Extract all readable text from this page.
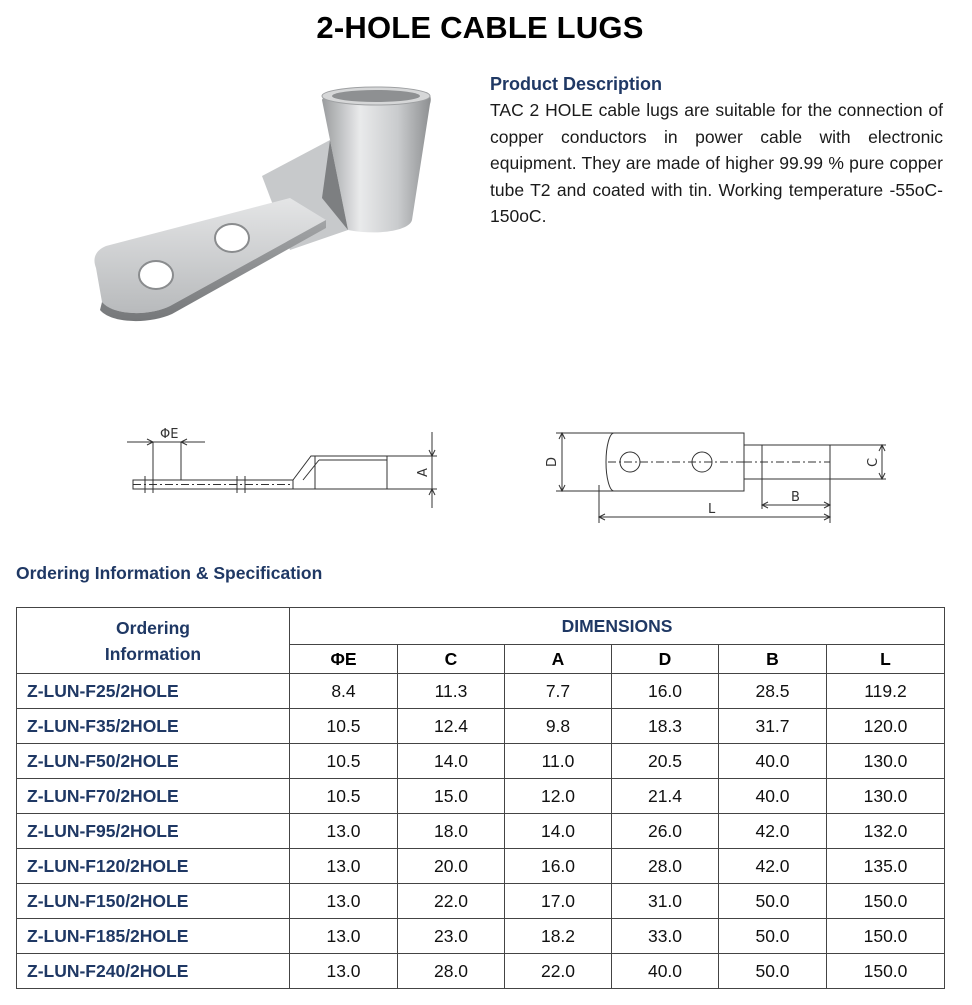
2-HOLE CABLE LUGS
Product Description
TAC 2 HOLE cable lugs are suitable for the connection of copper conductors in power cable with electronic equipment. They are made of higher 99.99 % pure copper tube T2 and coated with tin. Working temperature -55oC-150oC.
ΦE
A
D	C
B
L
Ordering Information & Specification
Ordering Information	DIMENSIONS					
	ΦE	C	A	D	B	L
Z-LUN-F25/2HOLE	8.4	11.3	7.7	16.0	28.5	119.2
Z-LUN-F35/2HOLE	10.5	12.4	9.8	18.3	31.7	120.0
Z-LUN-F50/2HOLE	10.5	14.0	11.0	20.5	40.0	130.0
Z-LUN-F70/2HOLE	10.5	15.0	12.0	21.4	40.0	130.0
Z-LUN-F95/2HOLE	13.0	18.0	14.0	26.0	42.0	132.0
Z-LUN-F120/2HOLE	13.0	20.0	16.0	28.0	42.0	135.0
Z-LUN-F150/2HOLE	13.0	22.0	17.0	31.0	50.0	150.0
Z-LUN-F185/2HOLE	13.0	23.0	18.2	33.0	50.0	150.0
Z-LUN-F240/2HOLE	13.0	28.0	22.0	40.0	50.0	150.0
